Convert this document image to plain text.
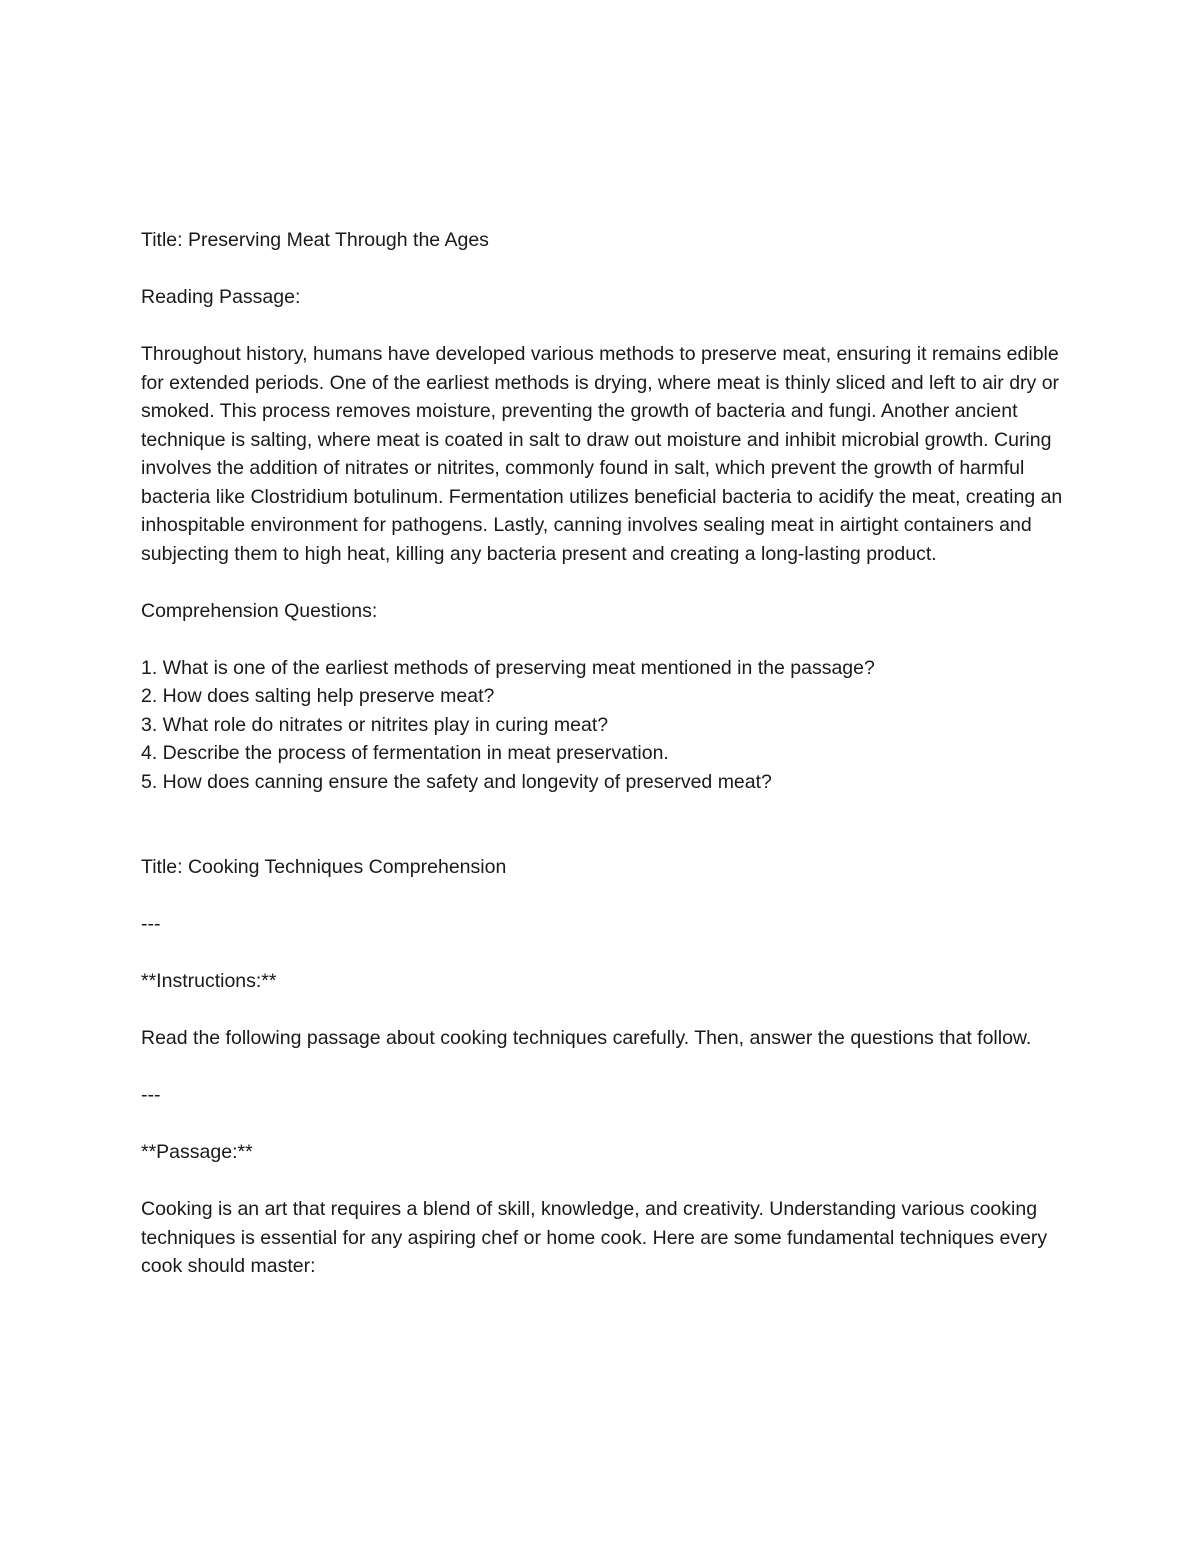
Title: Preserving Meat Through the Ages

Reading Passage:

Throughout history, humans have developed various methods to preserve meat, ensuring it remains edible for extended periods. One of the earliest methods is drying, where meat is thinly sliced and left to air dry or smoked. This process removes moisture, preventing the growth of bacteria and fungi. Another ancient technique is salting, where meat is coated in salt to draw out moisture and inhibit microbial growth. Curing involves the addition of nitrates or nitrites, commonly found in salt, which prevent the growth of harmful bacteria like Clostridium botulinum. Fermentation utilizes beneficial bacteria to acidify the meat, creating an inhospitable environment for pathogens. Lastly, canning involves sealing meat in airtight containers and subjecting them to high heat, killing any bacteria present and creating a long-lasting product.

Comprehension Questions:

1. What is one of the earliest methods of preserving meat mentioned in the passage?

2. How does salting help preserve meat?

3. What role do nitrates or nitrites play in curing meat?

4. Describe the process of fermentation in meat preservation.

5. How does canning ensure the safety and longevity of preserved meat?

Title: Cooking Techniques Comprehension

---

**Instructions:**

Read the following passage about cooking techniques carefully. Then, answer the questions that follow.

---

**Passage:**

Cooking is an art that requires a blend of skill, knowledge, and creativity. Understanding various cooking techniques is essential for any aspiring chef or home cook. Here are some fundamental techniques every cook should master:
